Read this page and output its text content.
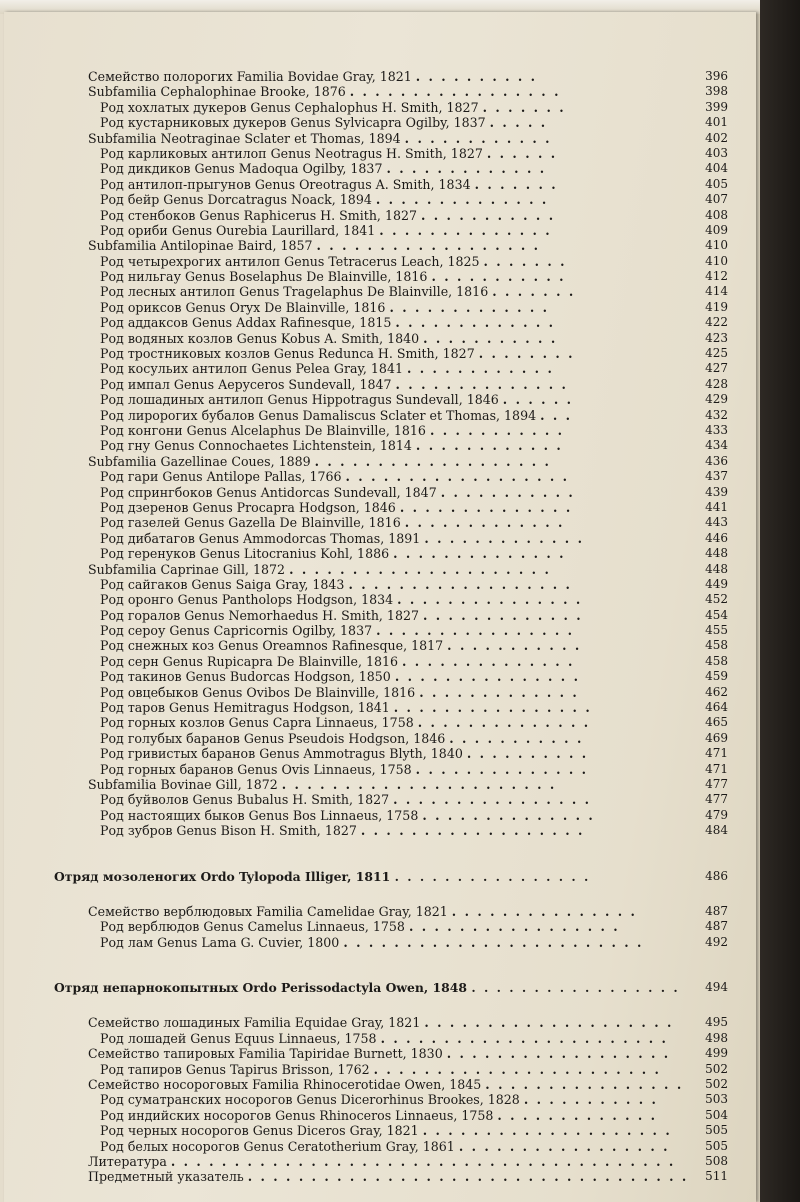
Семейство полорогих Familia Bovidae Gray, 1821 . . . . . . . . . .	396
Subfamilia Cephalophinae Brooke, 1876 . . . . . . . . . . . . . . . . .	398
Род хохлатых дукеров Genus Cephalophus H. Smith, 1827 . . . . . . .	399
Род кустарниковых дукеров Genus Sylvicapra Ogilby, 1837 . . . . .	401
Subfamilia Neotraginae Sclater et Thomas, 1894 . . . . . . . . . . . .	402
Род карликовых антилоп Genus Neotragus H. Smith, 1827 . . . . . .	403
Род дикдиков Genus Madoqua Ogilby, 1837 . . . . . . . . . . . . .	404
Род антилоп-прыгунов Genus Oreotragus A. Smith, 1834 . . . . . . .	405
Род бейр Genus Dorcatragus Noack, 1894 . . . . . . . . . . . . . .	407
Род стенбоков Genus Raphicerus H. Smith, 1827 . . . . . . . . . . .	408
Род ориби Genus Ourebia Laurillard, 1841 . . . . . . . . . . . . . .	409
Subfamilia Antilopinae Baird, 1857 . . . . . . . . . . . . . . . . . .	410
Род четырехрогих антилоп Genus Tetracerus Leach, 1825 . . . . . . .	410
Род нильгау Genus Boselaphus De Blainville, 1816 . . . . . . . . . . .	412
Род лесных антилоп Genus Tragelaphus De Blainville, 1816 . . . . . . .	414
Род ориксов Genus Oryx De Blainville, 1816 . . . . . . . . . . . . .	419
Род аддаксов Genus Addax Rafinesque, 1815 . . . . . . . . . . . . .	422
Род водяных козлов Genus Kobus A. Smith, 1840 . . . . . . . . . . .	423
Род тростниковых козлов Genus Redunca H. Smith, 1827 . . . . . . . .	425
Род косульих антилоп Genus Pelea Gray, 1841 . . . . . . . . . . . .	427
Род импал Genus Aepyceros Sundevall, 1847 . . . . . . . . . . . . . .	428
Род лошадиных антилоп Genus Hippotragus Sundevall, 1846 . . . . . .	429
Род лиророгих бубалов Genus Damaliscus Sclater et Thomas, 1894 . . .	432
Род конгони Genus Alcelaphus De Blainville, 1816 . . . . . . . . . . .	433
Род гну Genus Connochaetes Lichtenstein, 1814 . . . . . . . . . . . .	434
Subfamilia Gazellinae Coues, 1889 . . . . . . . . . . . . . . . . . . .	436
Род гари Genus Antilope Pallas, 1766 . . . . . . . . . . . . . . . . . .	437
Род спрингбоков Genus Antidorcas Sundevall, 1847 . . . . . . . . . . .	439
Род дзеренов Genus Procapra Hodgson, 1846 . . . . . . . . . . . . . .	441
Род газелей Genus Gazella De Blainville, 1816 . . . . . . . . . . . . .	443
Род дибатагов Genus Ammodorcas Thomas, 1891 . . . . . . . . . . . . .	446
Род геренуков Genus Litocranius Kohl, 1886 . . . . . . . . . . . . . .	448
Subfamilia Caprinae Gill, 1872 . . . . . . . . . . . . . . . . . . . . .	448
Род сайгаков Genus Saiga Gray, 1843 . . . . . . . . . . . . . . . . . .	449
Род оронго Genus Pantholops Hodgson, 1834 . . . . . . . . . . . . . . .	452
Род горалов Genus Nemorhaedus H. Smith, 1827 . . . . . . . . . . . . .	454
Род сероу Genus Capricornis Ogilby, 1837 . . . . . . . . . . . . . . . .	455
Род снежных коз Genus Oreamnos Rafinesque, 1817 . . . . . . . . . . .	458
Род серн Genus Rupicapra De Blainville, 1816 . . . . . . . . . . . . . .	458
Род такинов Genus Budorcas Hodgson, 1850 . . . . . . . . . . . . . . .	459
Род овцебыков Genus Ovibos De Blainville, 1816 . . . . . . . . . . . . .	462
Род таров Genus Hemitragus Hodgson, 1841 . . . . . . . . . . . . . . . .	464
Род горных козлов Genus Capra Linnaeus, 1758 . . . . . . . . . . . . . .	465
Род голубых баранов Genus Pseudois Hodgson, 1846 . . . . . . . . . . .	469
Род гривистых баранов Genus Ammotragus Blyth, 1840 . . . . . . . . . .	471
Род горных баранов Genus Ovis Linnaeus, 1758 . . . . . . . . . . . . . .	471
Subfamilia Bovinae Gill, 1872 . . . . . . . . . . . . . . . . . . . . . .	477
Род буйволов Genus Bubalus H. Smith, 1827 . . . . . . . . . . . . . . . .	477
Род настоящих быков Genus Bos Linnaeus, 1758 . . . . . . . . . . . . . .	479
Род зубров Genus Bison H. Smith, 1827 . . . . . . . . . . . . . . . . . .	484
Отряд мозоленогих Ordo Tylopoda Illiger, 1811 . . . . . . . . . . . . . . . .	486
Семейство верблюдовых Familia Camelidae Gray, 1821 . . . . . . . . . . . . . . .	487
Род верблюдов Genus Camelus Linnaeus, 1758 . . . . . . . . . . . . . . . . .	487
Род лам Genus Lama G. Cuvier, 1800 . . . . . . . . . . . . . . . . . . . . . . . .	492
Отряд непарнокопытных Ordo Perissodactyla Owen, 1848 . . . . . . . . . . . . . . . . .	494
Семейство лошадиных Familia Equidae Gray, 1821 . . . . . . . . . . . . . . . . . . . .	495
Род лошадей Genus Equus Linnaeus, 1758 . . . . . . . . . . . . . . . . . . . . . . .	498
Семейство тапировых Familia Tapiridae Burnett, 1830 . . . . . . . . . . . . . . . . . .	499
Род тапиров Genus Tapirus Brisson, 1762 . . . . . . . . . . . . . . . . . . . . . . .	502
Семейство носороговых Familia Rhinocerotidae Owen, 1845 . . . . . . . . . . . . . . . .	502
Род суматранских носорогов Genus Dicerorhinus Brookes, 1828 . . . . . . . . . . .	503
Род индийских носорогов Genus Rhinoceros Linnaeus, 1758 . . . . . . . . . . . . .	504
Род черных носорогов Genus Diceros Gray, 1821 . . . . . . . . . . . . . . . . . . . .	505
Род белых носорогов Genus Ceratotherium Gray, 1861 . . . . . . . . . . . . . . . . .	505
Литература . . . . . . . . . . . . . . . . . . . . . . . . . . . . . . . . . . . . . . . .	508
Предметный указатель . . . . . . . . . . . . . . . . . . . . . . . . . . . . . . . . . . .	511
